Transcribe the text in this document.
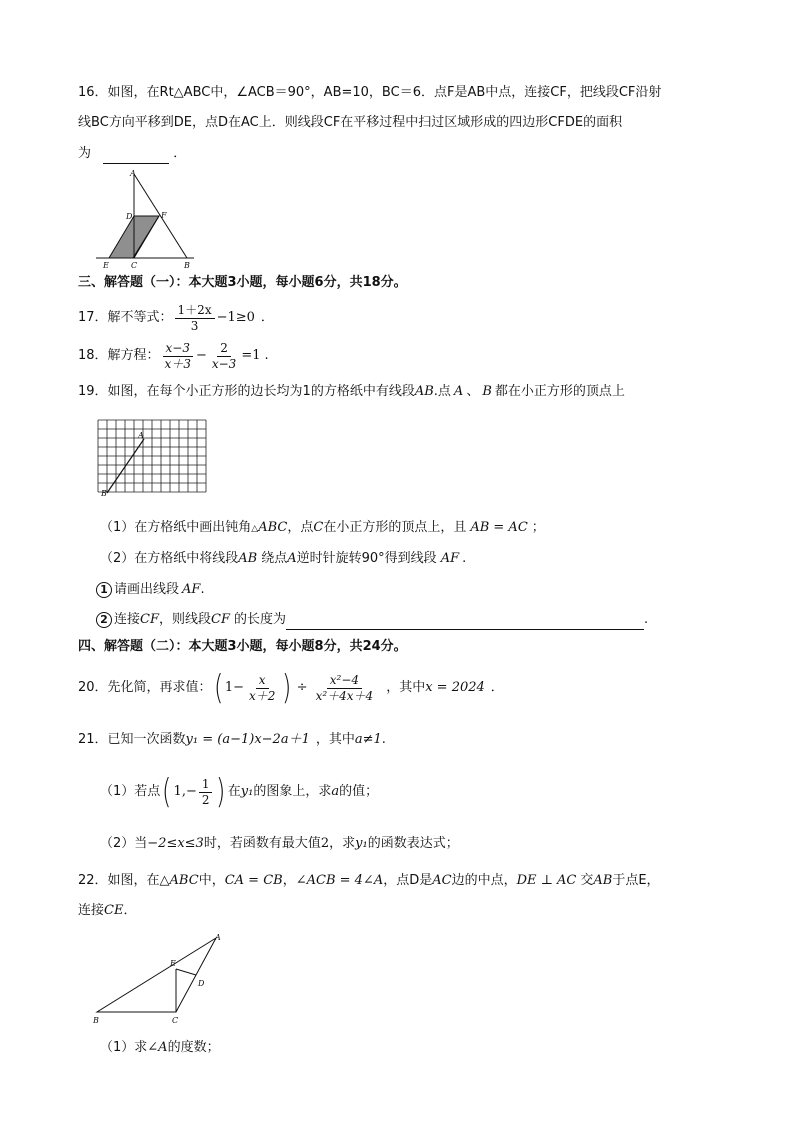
16．如图，在Rt△ABC中，∠ACB＝90°，AB=10，BC＝6．点F是AB中点，连接CF，把线段CF沿射
线BC方向平移到DE，点D在AC上．则线段CF在平移过程中扫过区域形成的四边形CFDE的面积
为	．
A
D	F
E	C	B
三、解答题（一）：本大题3小题，每小题6分，共18分。
17．解不等式： $\frac{1+2x}{3} -1\ge 0$ ．
18．解方程： $\frac{x-3}{x+3} - \frac{2}{x-3} =1$ .
19．如图，在每个小正方形的边长均为1的方格纸中有线段AB.点 A 、 B 都在小正方形的顶点上
A
B
（1）在方格纸中画出钝角△ABC，点C在小正方形的顶点上，且 AB = AC ；
（2）在方格纸中将线段AB 绕点A逆时针旋转90°得到线段 AF .
1 请画出线段 AF.
2 连接CF，则线段CF 的长度为	.
四、解答题（二）：本大题3小题，每小题8分，共24分。
20．先化简，再求值： ( $1- \frac{x}{x+2}$ ) ÷ $\frac{\text{x²−4}}{\text{x²＋4x＋4}}$ ，其中 x = 2024 ．
21．已知一次函数y₁ = (a−1)x−2a＋1 ，其中a≠1.
（1）若点 ( $1,- \frac{1}{2}$ ) 在 y₁ 的图象上，求 a 的值；
（2）当−2≤x≤3时，若函数有最大值2，求y₁的函数表达式；
22．如图，在△ABC中，CA = CB，∠ACB = 4∠A，点D是AC边的中点，DE ⊥ AC 交AB于点E，
连接CE．
A
E
D
B	C
（1）求∠A的度数；
